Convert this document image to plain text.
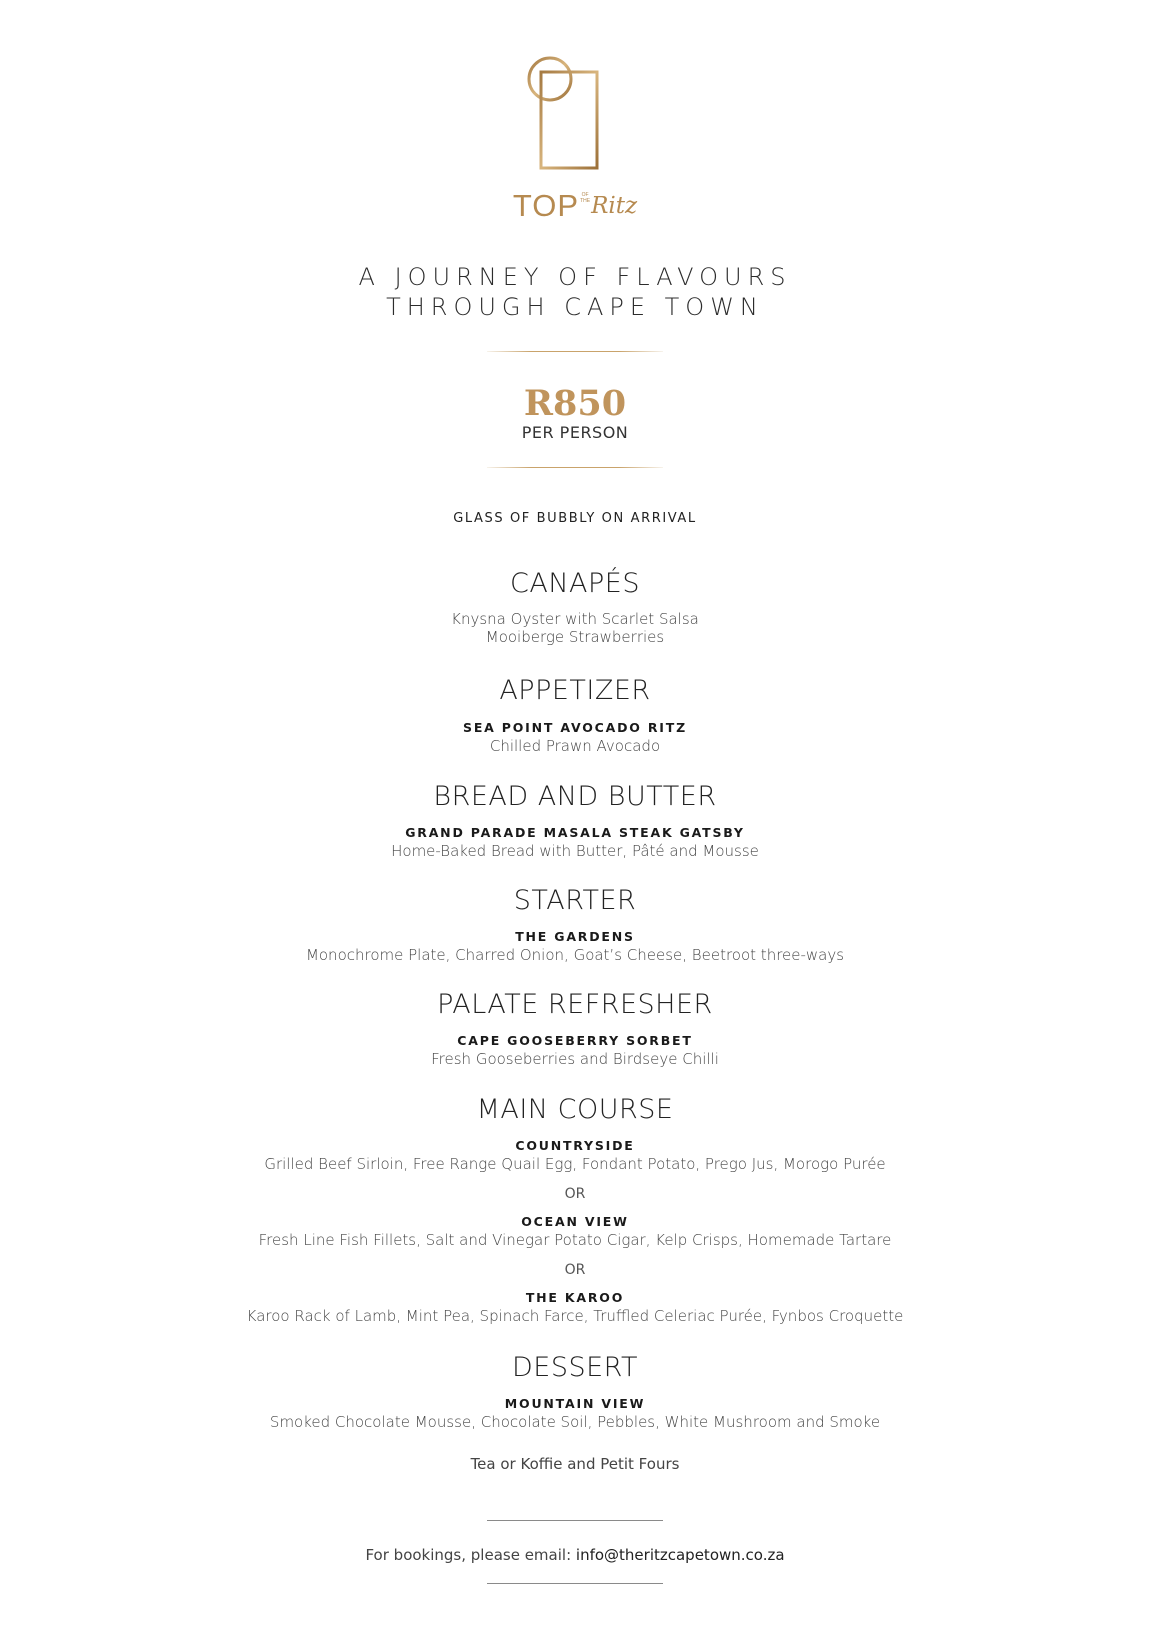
TOP OF
THERitz
A JOURNEY OF FLAVOURS
THROUGH CAPE TOWN
R850
PER PERSON
GLASS OF BUBBLY ON ARRIVAL
CANAPÉS
Knysna Oyster with Scarlet Salsa
Mooiberge Strawberries
APPETIZER
SEA POINT AVOCADO RITZ
Chilled Prawn Avocado
BREAD AND BUTTER
GRAND PARADE MASALA STEAK GATSBY
Home-Baked Bread with Butter, Pâté and Mousse
STARTER
THE GARDENS
Monochrome Plate, Charred Onion, Goat’s Cheese, Beetroot three-ways
PALATE REFRESHER
CAPE GOOSEBERRY SORBET
Fresh Gooseberries and Birdseye Chilli
MAIN COURSE
COUNTRYSIDE
Grilled Beef Sirloin, Free Range Quail Egg, Fondant Potato, Prego Jus, Morogo Purée
OR
OCEAN VIEW
Fresh Line Fish Fillets, Salt and Vinegar Potato Cigar, Kelp Crisps, Homemade Tartare
OR
THE KAROO
Karoo Rack of Lamb, Mint Pea, Spinach Farce, Truffled Celeriac Purée, Fynbos Croquette
DESSERT
MOUNTAIN VIEW
Smoked Chocolate Mousse, Chocolate Soil, Pebbles, White Mushroom and Smoke
Tea or Koffie and Petit Fours
For bookings, please email: info@theritzcapetown.co.za
